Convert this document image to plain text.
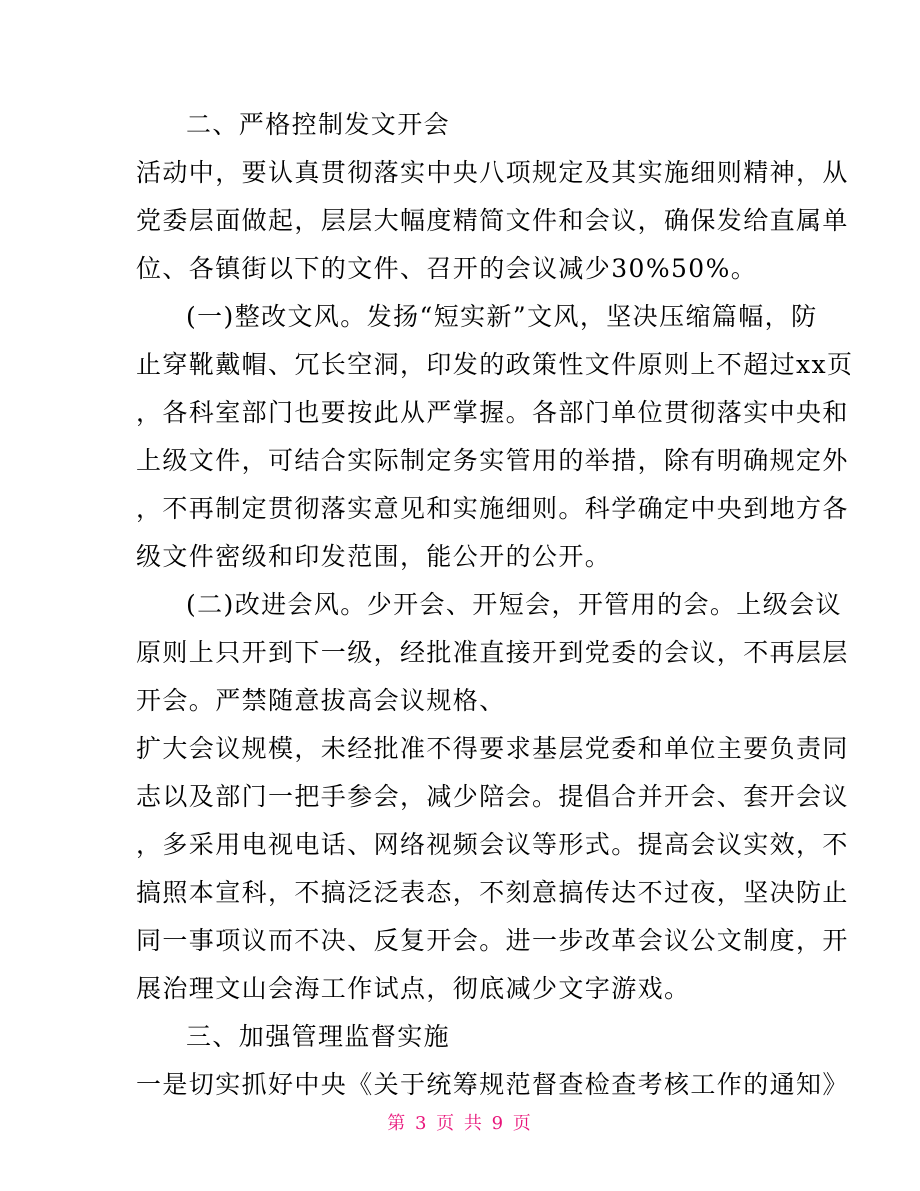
二、严格控制发文开会
活动中，要认真贯彻落实中央八项规定及其实施细则精神，从
党委层面做起，层层大幅度精简文件和会议，确保发给直属单
位、各镇街以下的文件、召开的会议减少30%50%。
(一)整改文风。发扬“短实新”文风，坚决压缩篇幅，防
止穿靴戴帽、冗长空洞，印发的政策性文件原则上不超过xx页
，各科室部门也要按此从严掌握。各部门单位贯彻落实中央和
上级文件，可结合实际制定务实管用的举措，除有明确规定外
，不再制定贯彻落实意见和实施细则。科学确定中央到地方各
级文件密级和印发范围，能公开的公开。
(二)改进会风。少开会、开短会，开管用的会。上级会议
原则上只开到下一级，经批准直接开到党委的会议，不再层层
开会。严禁随意拔高会议规格、
扩大会议规模，未经批准不得要求基层党委和单位主要负责同
志以及部门一把手参会，减少陪会。提倡合并开会、套开会议
，多采用电视电话、网络视频会议等形式。提高会议实效，不
搞照本宣科，不搞泛泛表态，不刻意搞传达不过夜，坚决防止
同一事项议而不决、反复开会。进一步改革会议公文制度，开
展治理文山会海工作试点，彻底减少文字游戏。
三、加强管理监督实施
一是切实抓好中央《关于统筹规范督查检查考核工作的通知》
第 3 页 共 9 页
